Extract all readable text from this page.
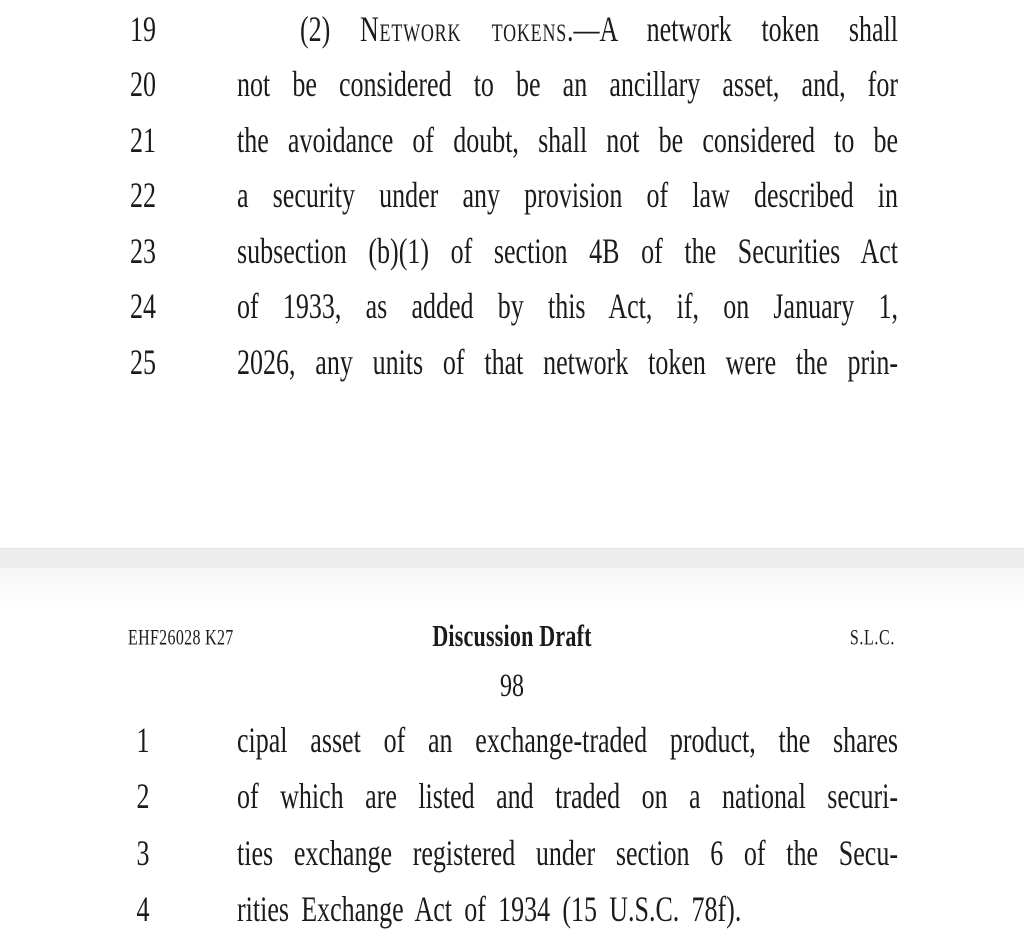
19	(2) Network tokens.—A network token shall
20	not be considered to be an ancillary asset, and, for
21	the avoidance of doubt, shall not be considered to be
22	a security under any provision of law described in
23	subsection (b)(1) of section 4B of the Securities Act
24	of 1933, as added by this Act, if, on January 1,
25	2026, any units of that network token were the prin-
EHF26028 K27	S.L.C.
Discussion Draft
98
1	cipal asset of an exchange-traded product, the shares
2	of which are listed and traded on a national securi-
3	ties exchange registered under section 6 of the Secu-
4	rities Exchange Act of 1934 (15 U.S.C. 78f).
